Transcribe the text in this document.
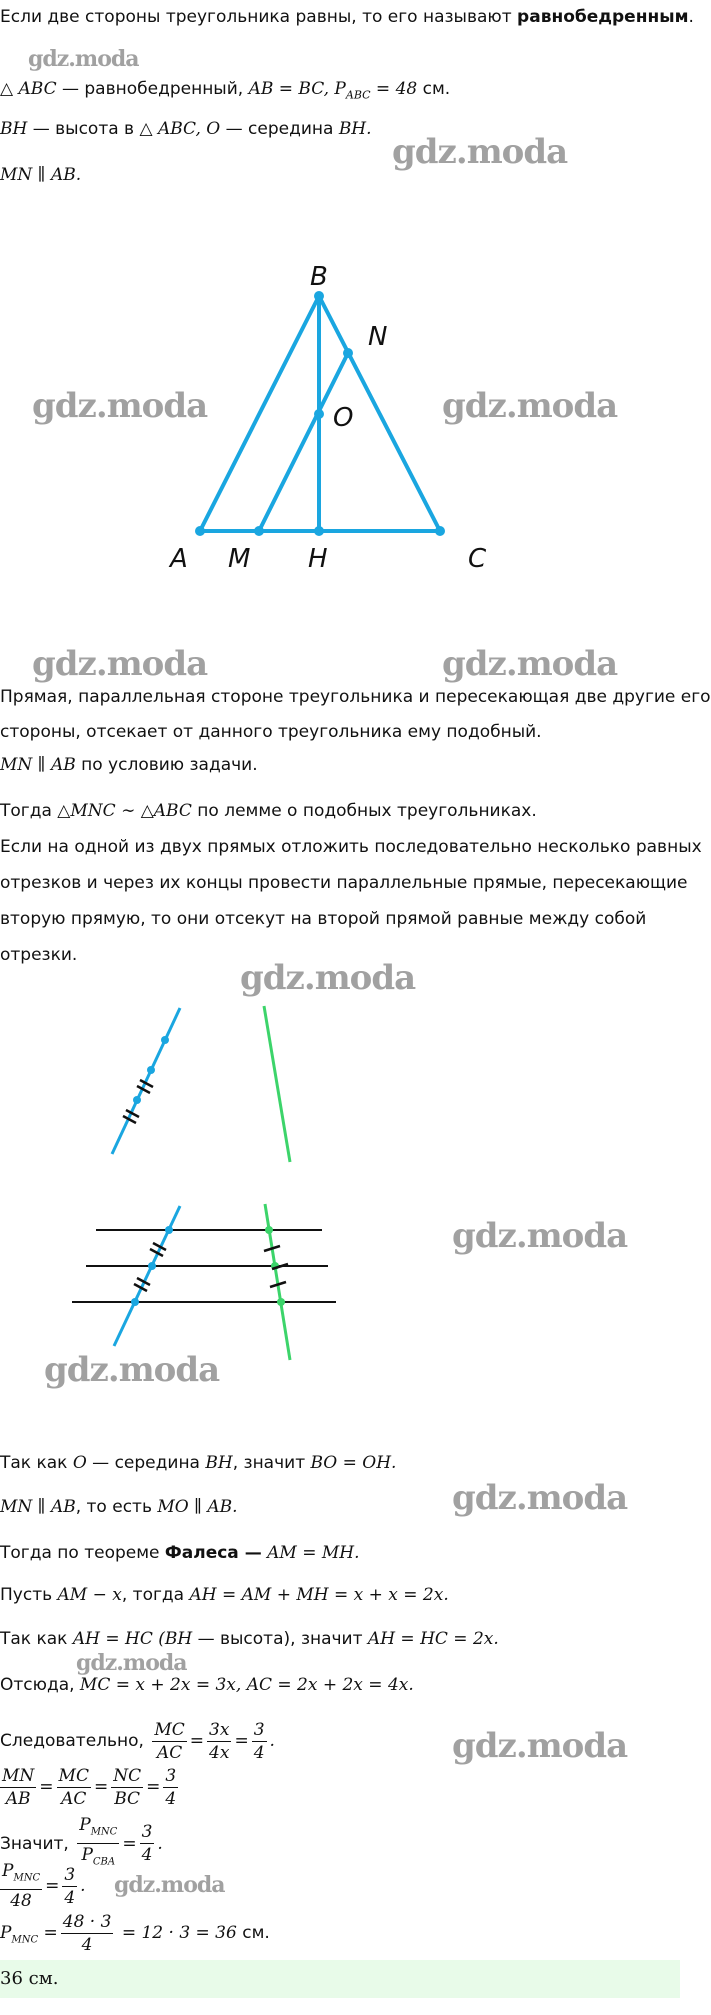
Если две стороны треугольника равны, то его называют равнобедренным.
gdz.moda
△ ABC — равнобедренный, AB = BC, $P_{ABC} = 48$ см.
BH — высота в △ ABC, O — середина BH.
gdz.moda
MN ∥ AB.
B
N
O
A M H	C
gdz.moda	gdz.moda
gdz.moda	gdz.moda
Прямая, параллельная стороне треугольника и пересекающая две другие его
стороны, отсекает от данного треугольника ему подобный.
MN ∥ AB по условию задачи.
Тогда △MNC ∼ △ABC по лемме о подобных треугольниках.
Если на одной из двух прямых отложить последовательно несколько равных
отрезков и через их концы провести параллельные прямые, пересекающие
вторую прямую, то они отсекут на второй прямой равные между собой
отрезки.
gdz.moda
gdz.moda
gdz.moda
Так как O — середина BH, значит BO = OH.
MN ∥ AB, то есть MO ∥ AB.	gdz.moda
Тогда по теореме Фалеса — AM = MH.
Пусть AM − x, тогда AH = AM + MH = x + x = 2x.
Так как AH = HC (BH — высота), значит AH = HC = 2x.
gdz.moda
Отсюда, MC = x + 2x = 3x, AC = 2x + 2x = 4x.
Следовательно, $\frac{MC}{AC} = \frac{3x}{4x} = \frac{3}{4}$ .	gdz.moda
$\frac{MN}{AB} = \frac{MC}{AC} = \frac{NC}{BC} = \frac{3}{4}$
Значит, $\frac{P_{MNC}}{P_{CBA}} = \frac{3}{4}$ .
$\frac{P_{MNC}}{48} = \frac{3}{4}$ . gdz.moda
$P_{MNC} = \frac{48 \cdot 3}{4} = 12 \cdot 3 = 36$ см.
36 см.
